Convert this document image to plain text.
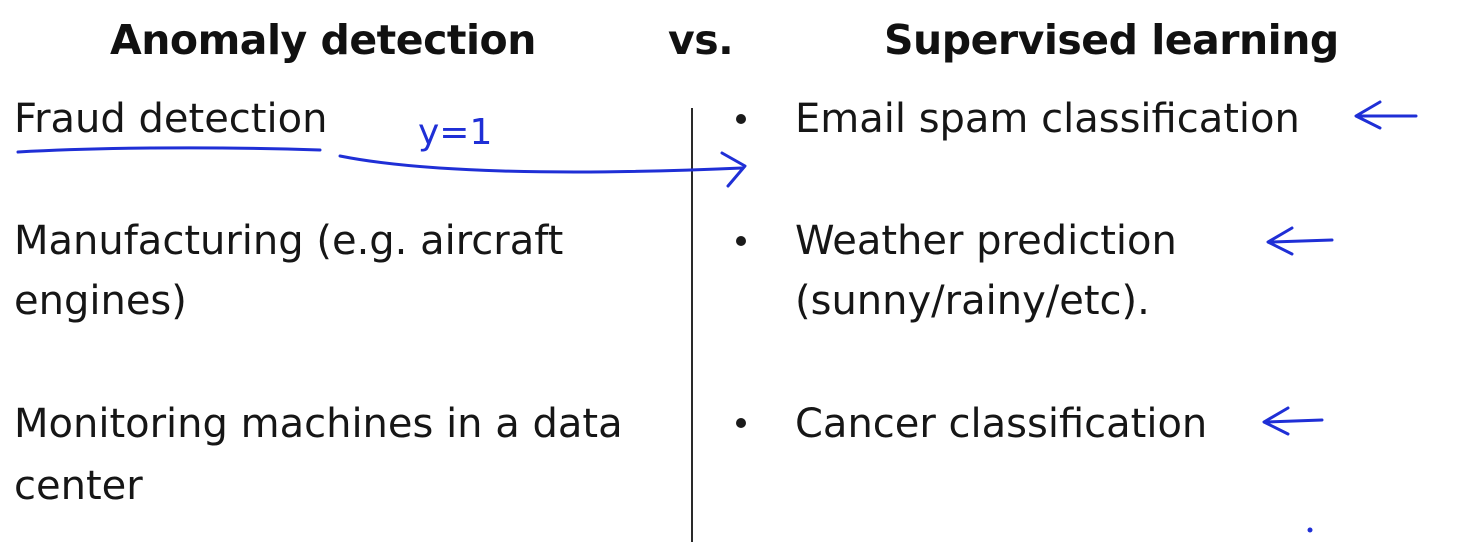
Anomaly detection	vs.	Supervised learning
Fraud detection
Manufacturing (e.g. aircraft
engines)
Monitoring machines in a data
center
Email spam classification
Weather prediction
(sunny/rainy/etc).
Cancer classification
y=1
